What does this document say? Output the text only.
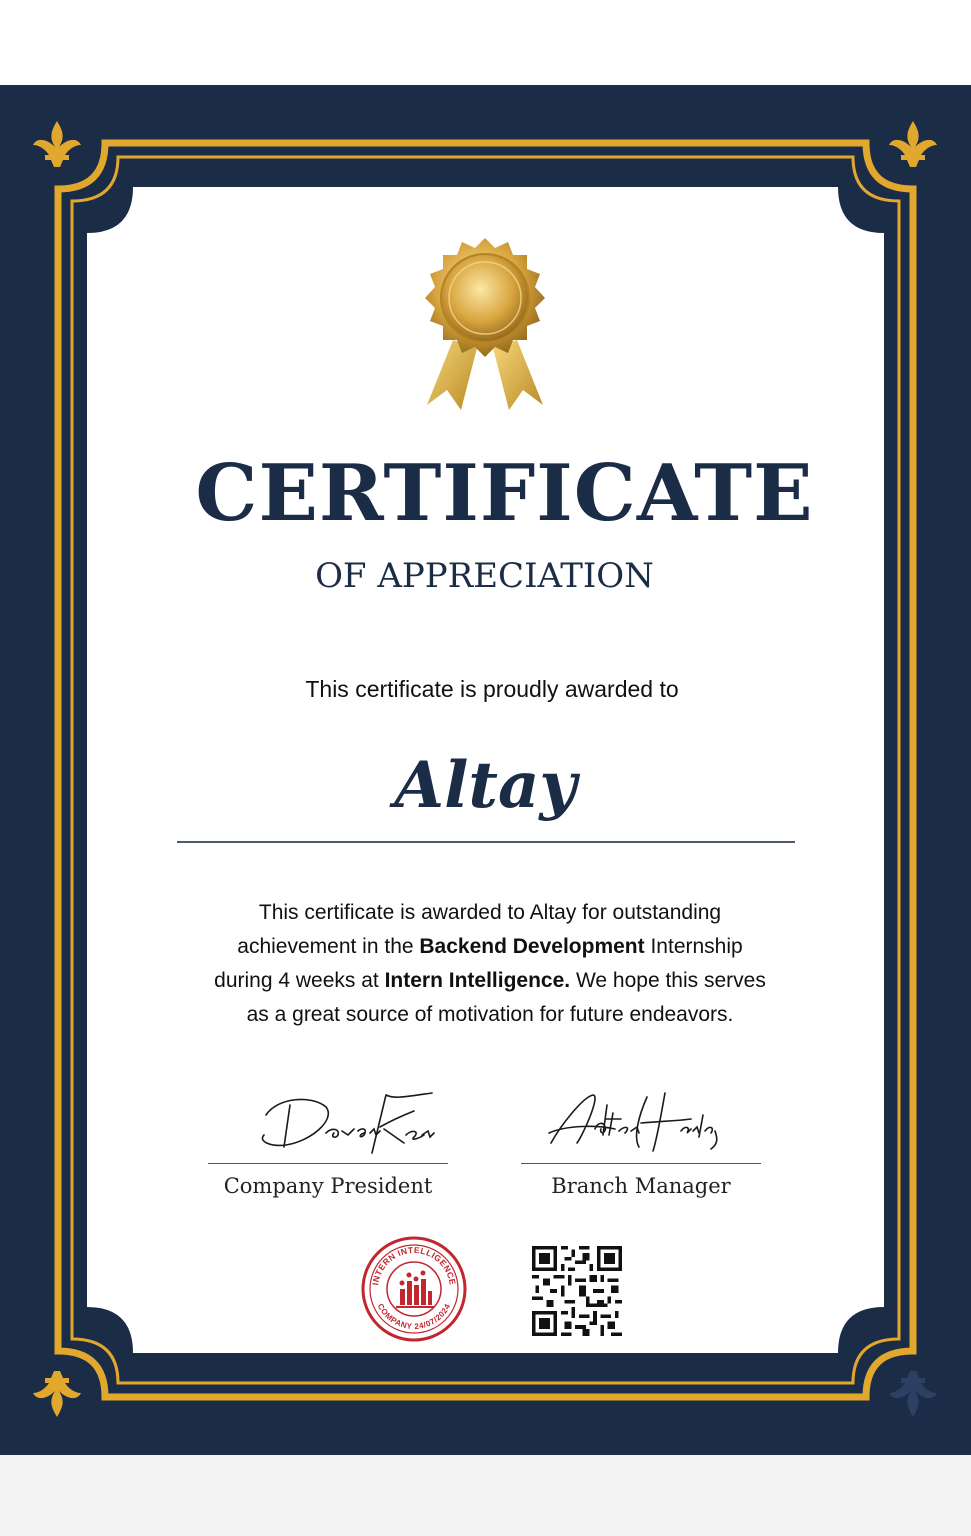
CERTIFICATE
OF APPRECIATION
This certificate is proudly awarded to
Altay
This certificate is awarded to Altay for outstanding
achievement in the Backend Development Internship
during 4 weeks at Intern Intelligence. We hope this serves
as a great source of motivation for future endeavors.
Company President	Branch Manager
INTERN INTELLIGENCE
COMPANY 24/07/2024
